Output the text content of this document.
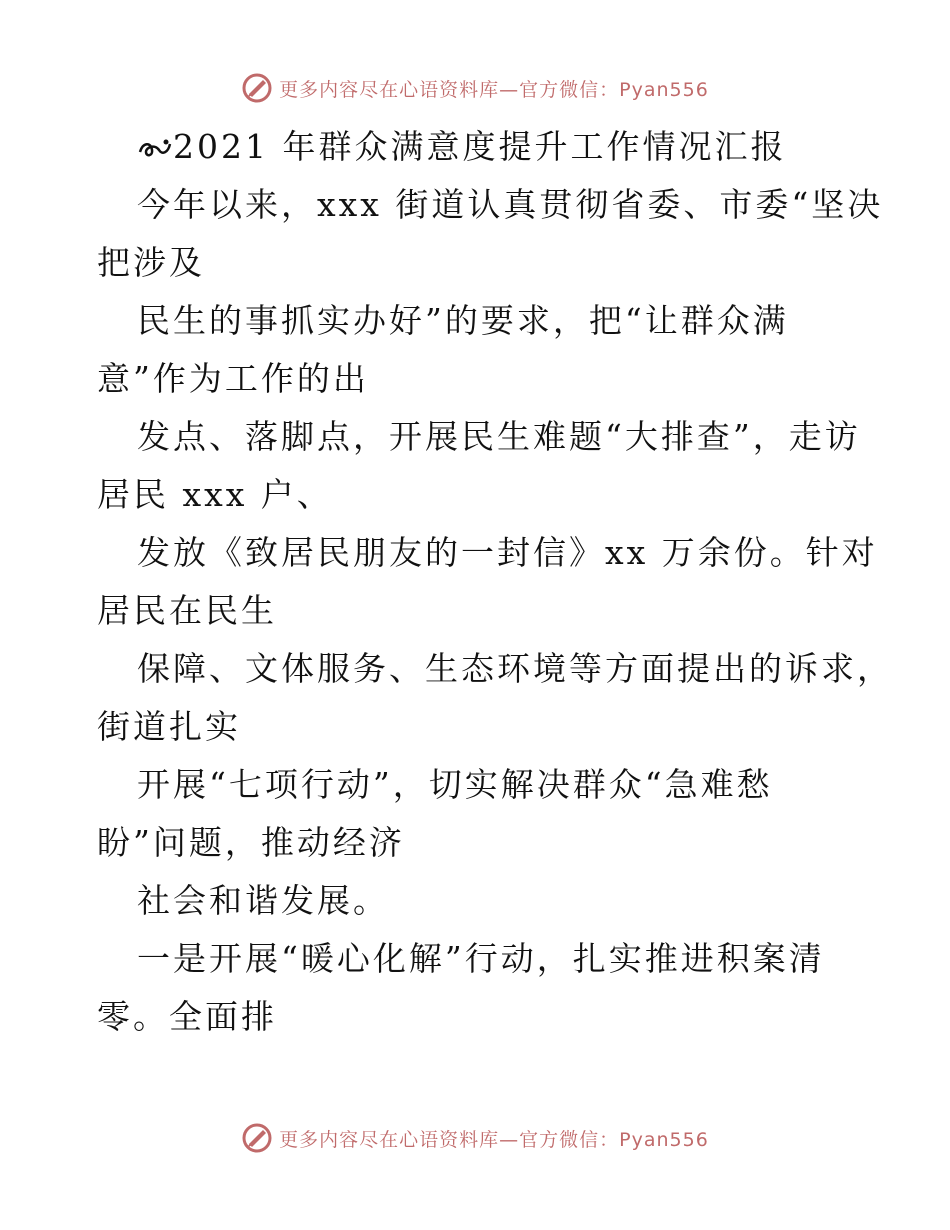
更多内容尽在心语资料库—官方微信：Pyan556
2021 年群众满意度提升工作情况汇报
今年以来，xxx 街道认真贯彻省委、市委“坚决
把涉及
民生的事抓实办好”的要求，把“让群众满
意”作为工作的出
发点、落脚点，开展民生难题“大排查”，走访
居民 xxx 户、
发放《致居民朋友的一封信》xx 万余份。针对
居民在民生
保障、文体服务、生态环境等方面提出的诉求，
街道扎实
开展“七项行动”，切实解决群众“急难愁
盼”问题，推动经济
社会和谐发展。
一是开展“暖心化解”行动，扎实推进积案清
零。全面排
更多内容尽在心语资料库—官方微信：Pyan556
